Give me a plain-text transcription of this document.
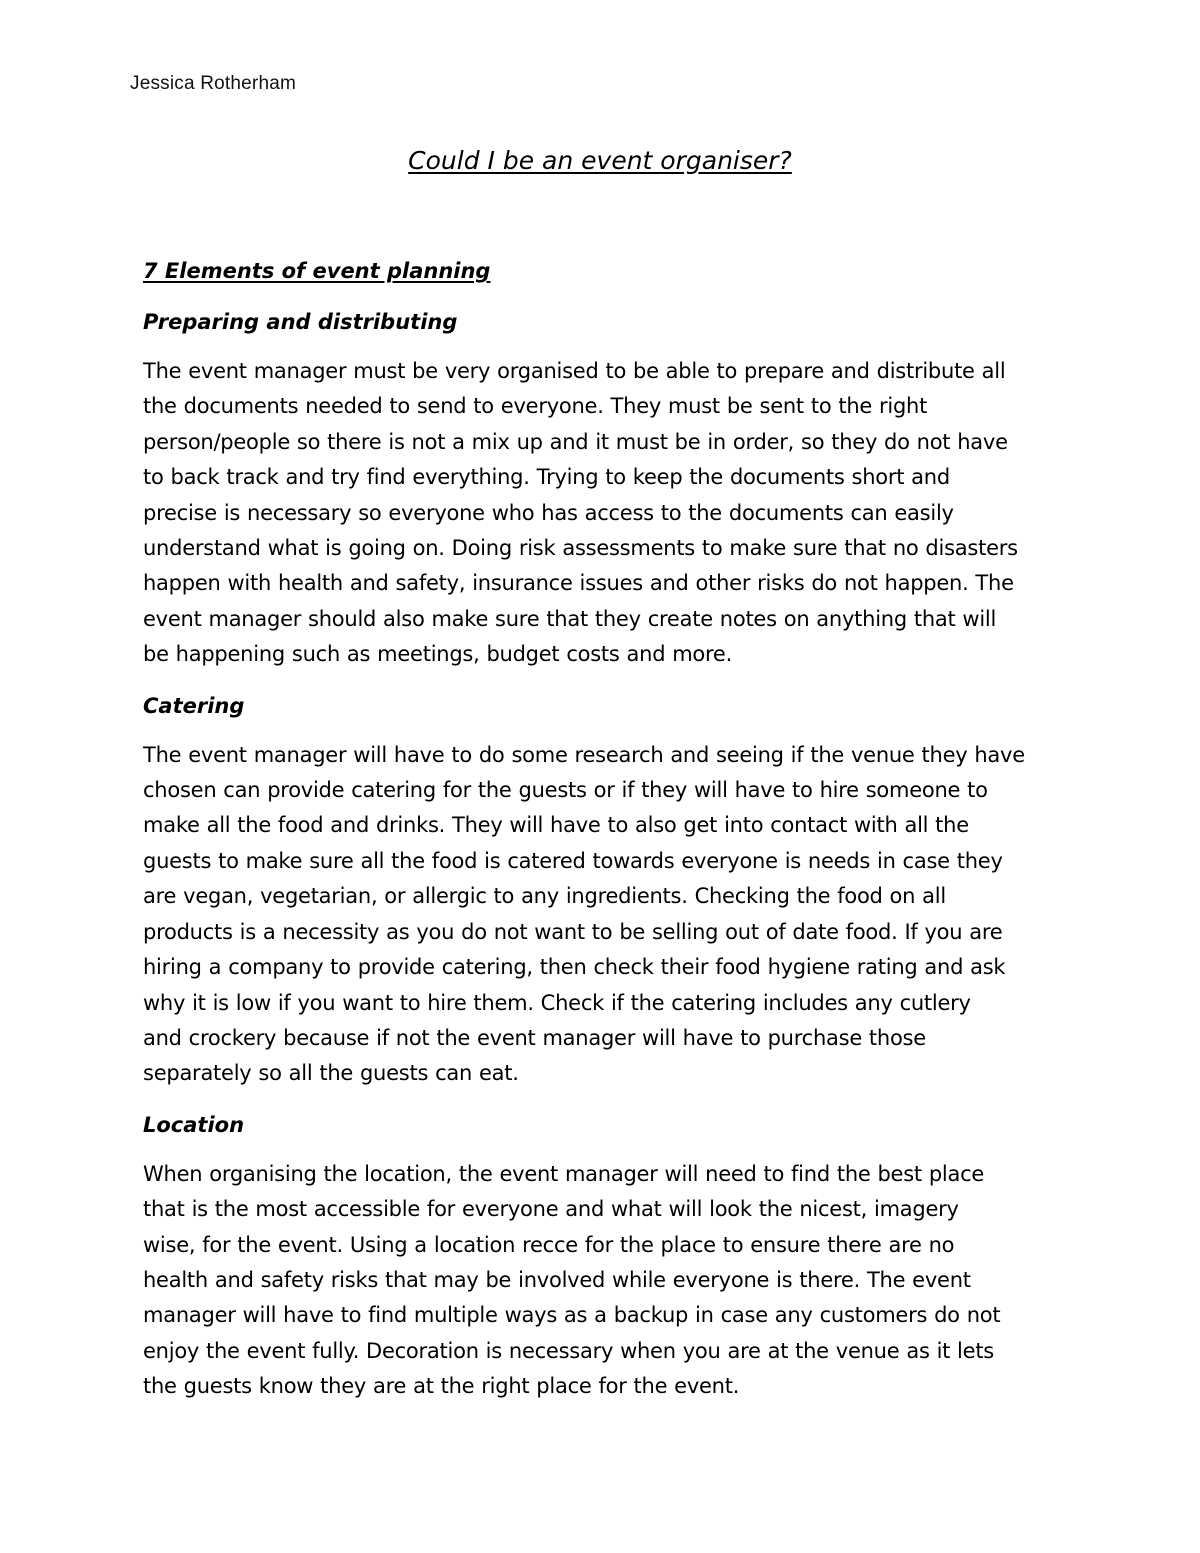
Jessica Rotherham
Could I be an event organiser?
7 Elements of event planning
Preparing and distributing

The event manager must be very organised to be able to prepare and distribute all
the documents needed to send to everyone. They must be sent to the right
person/people so there is not a mix up and it must be in order, so they do not have
to back track and try find everything. Trying to keep the documents short and
precise is necessary so everyone who has access to the documents can easily
understand what is going on. Doing risk assessments to make sure that no disasters
happen with health and safety, insurance issues and other risks do not happen. The
event manager should also make sure that they create notes on anything that will
be happening such as meetings, budget costs and more.

Catering

The event manager will have to do some research and seeing if the venue they have
chosen can provide catering for the guests or if they will have to hire someone to
make all the food and drinks. They will have to also get into contact with all the
guests to make sure all the food is catered towards everyone is needs in case they
are vegan, vegetarian, or allergic to any ingredients. Checking the food on all
products is a necessity as you do not want to be selling out of date food. If you are
hiring a company to provide catering, then check their food hygiene rating and ask
why it is low if you want to hire them. Check if the catering includes any cutlery
and crockery because if not the event manager will have to purchase those
separately so all the guests can eat.

Location

When organising the location, the event manager will need to find the best place
that is the most accessible for everyone and what will look the nicest, imagery
wise, for the event. Using a location recce for the place to ensure there are no
health and safety risks that may be involved while everyone is there. The event
manager will have to find multiple ways as a backup in case any customers do not
enjoy the event fully. Decoration is necessary when you are at the venue as it lets
the guests know they are at the right place for the event.
